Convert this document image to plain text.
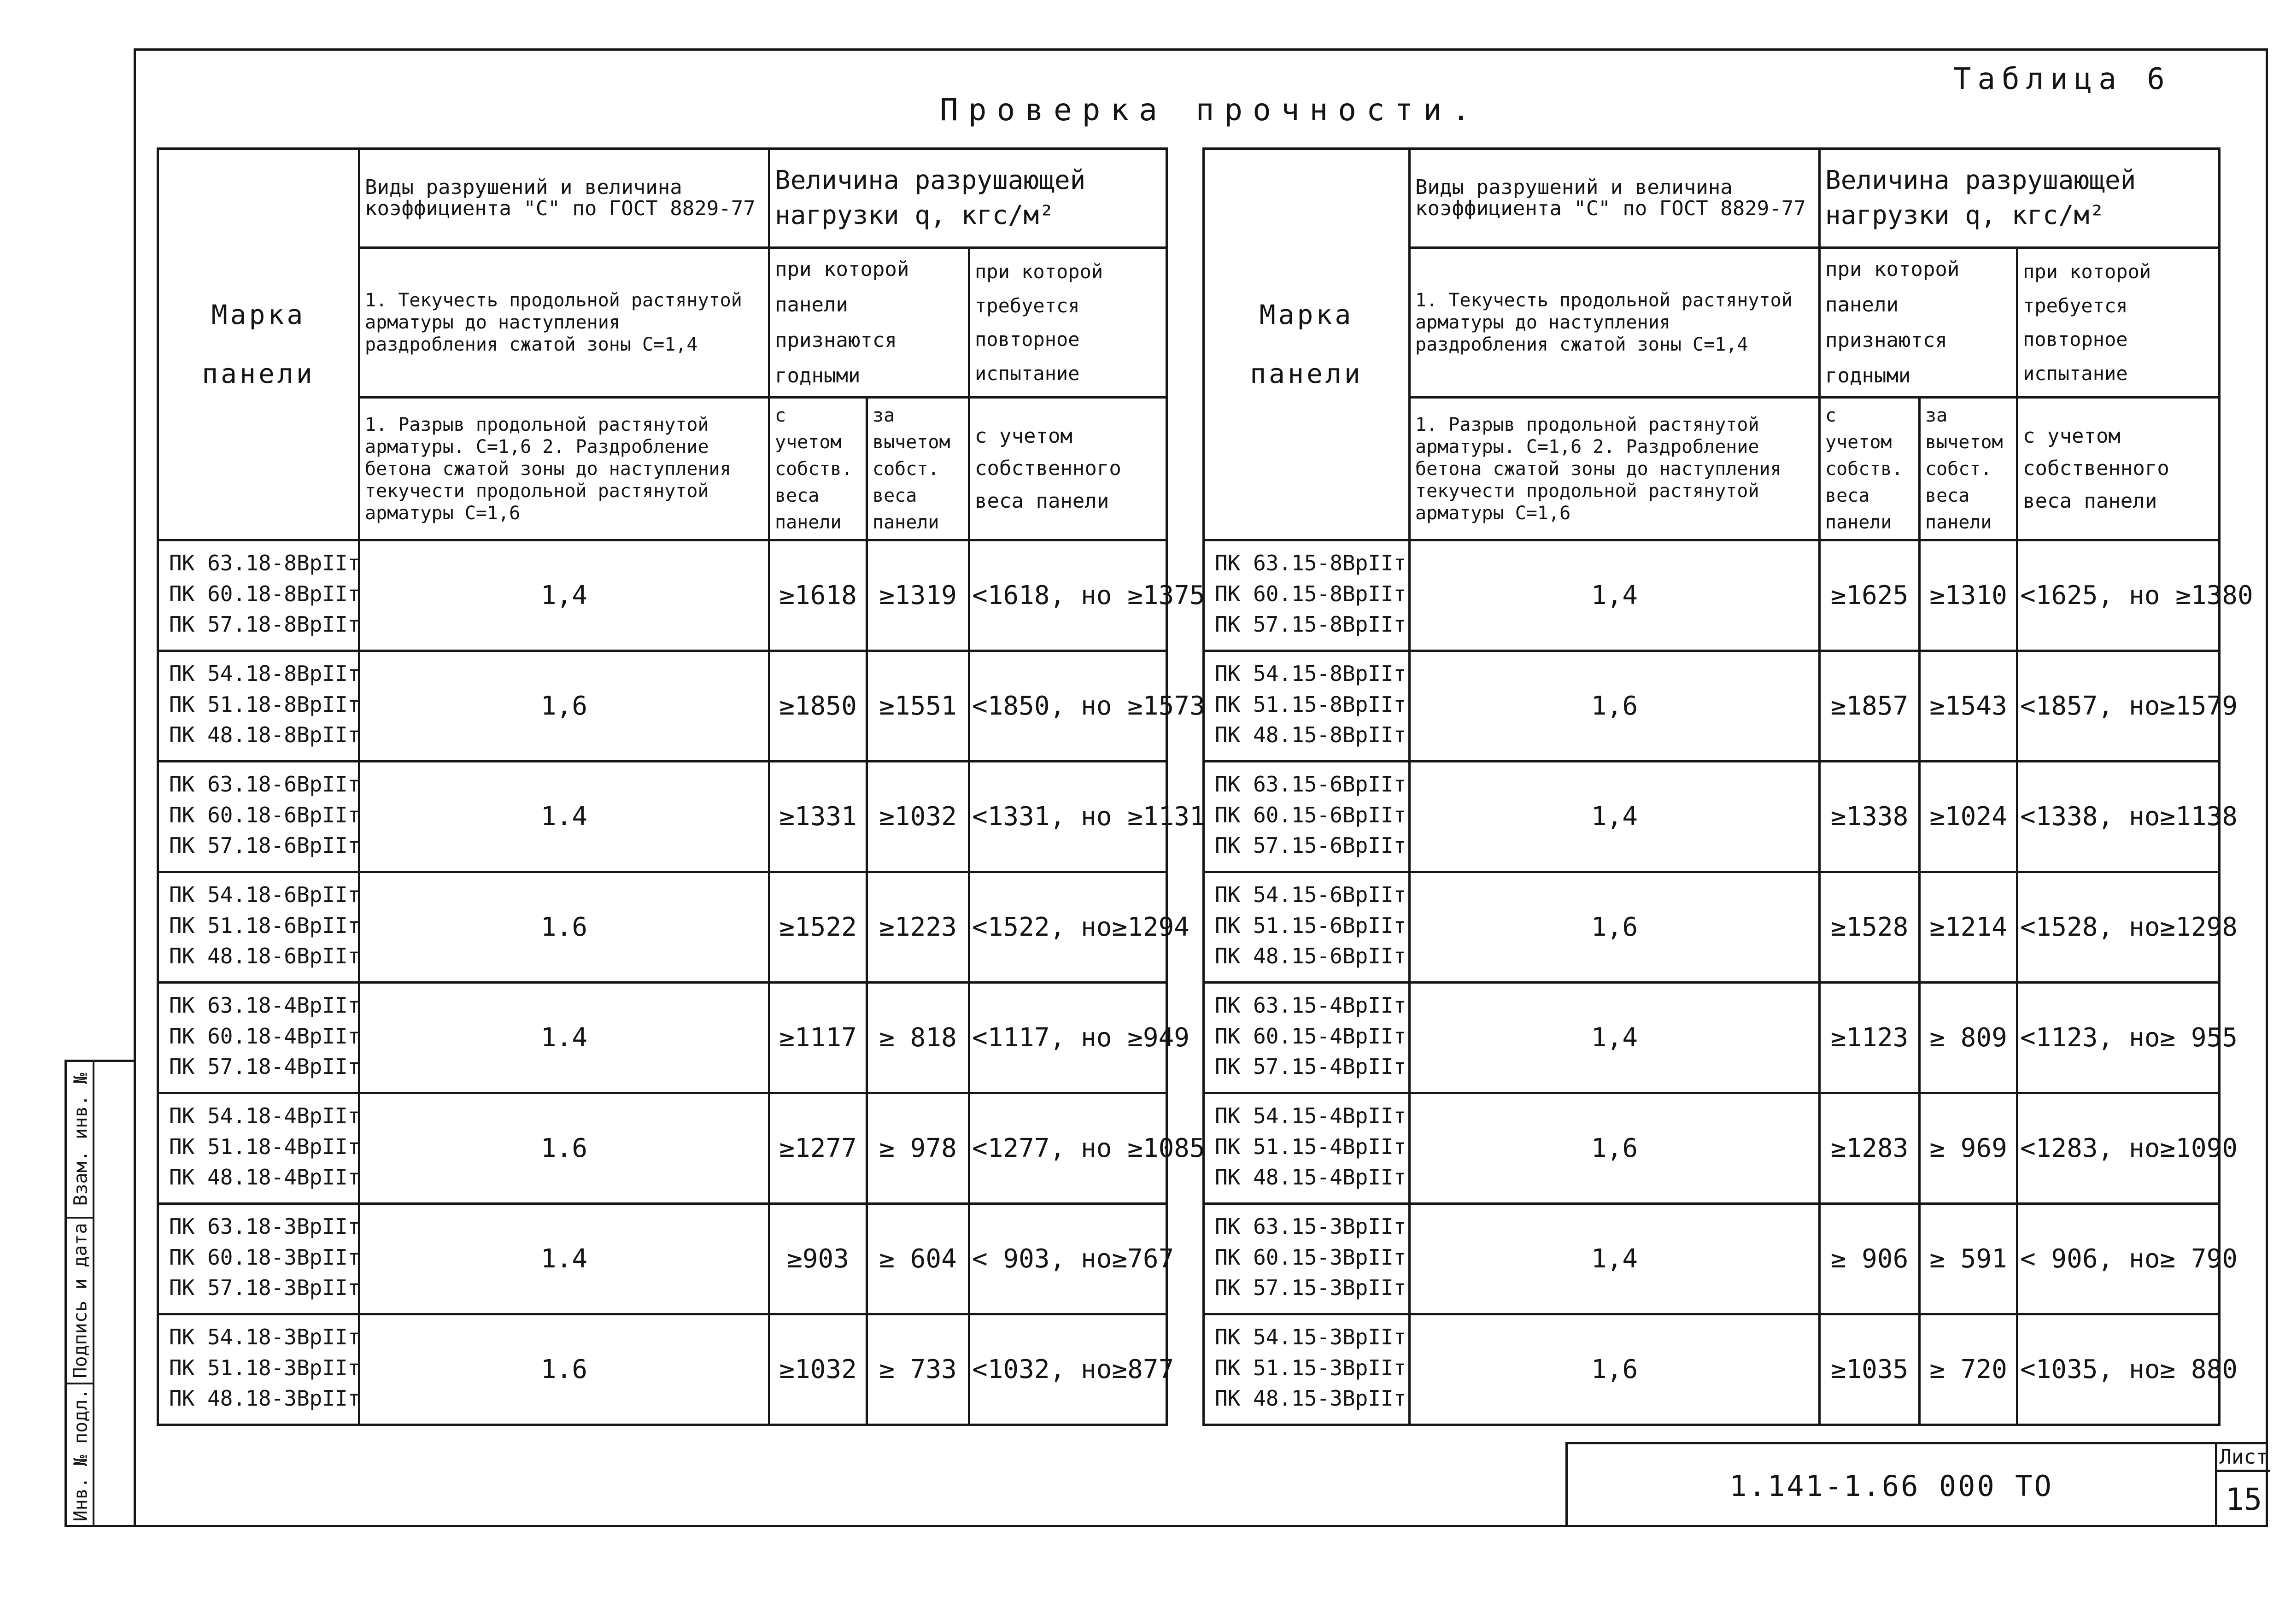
Взам. инв. №
Подпись и дата
Инв. № подл.
Таблица 6
Проверка прочности.
Марка
панели	Виды разрушений и величина коэффициента "С" по ГОСТ 8829-77	Величина разрушающей нагрузки q, кгс/м²		
	1. Текучесть продольной растянутой арматуры до наступления раздробления сжатой зоны С=1,4	при которой панели признаются годными		при которой требуется повторное испытание
	1. Разрыв продольной растянутой арматуры. С=1,6 2. Раздробление бетона сжатой зоны до наступления текучести продольной растянутой арматуры С=1,6	с учетом собств. веса панели	за вычетом собст. веса панели	с учетом собственного веса панели

ПК 63.18-8ВрIIт
ПК 60.18-8ВрIIт
ПК 57.18-8ВрIIт	1,4	≥1618	≥1319	<1618, но ≥1375

ПК 54.18-8ВрIIт
ПК 51.18-8ВрIIт
ПК 48.18-8ВрIIт	1,6	≥1850	≥1551	<1850, но ≥1573

ПК 63.18-6ВрIIт
ПК 60.18-6ВрIIт
ПК 57.18-6ВрIIт	1.4	≥1331	≥1032	<1331, но ≥1131

ПК 54.18-6ВрIIт
ПК 51.18-6ВрIIт
ПК 48.18-6ВрIIт	1.6	≥1522	≥1223	<1522, но≥1294

ПК 63.18-4ВрIIт
ПК 60.18-4ВрIIт
ПК 57.18-4ВрIIт	1.4	≥1117	≥ 818	<1117, но ≥949

ПК 54.18-4ВрIIт
ПК 51.18-4ВрIIт
ПК 48.18-4ВрIIт	1.6	≥1277	≥ 978	<1277, но ≥1085

ПК 63.18-3ВрIIт
ПК 60.18-3ВрIIт
ПК 57.18-3ВрIIт	1.4	≥903	≥ 604	< 903, но≥767

ПК 54.18-3ВрIIт
ПК 51.18-3ВрIIт
ПК 48.18-3ВрIIт	1.6	≥1032	≥ 733	<1032, но≥877
Марка
панели	Виды разрушений и величина коэффициента "С" по ГОСТ 8829-77	Величина разрушающей нагрузки q, кгс/м²		
	1. Текучесть продольной растянутой арматуры до наступления раздробления сжатой зоны С=1,4	при которой панели признаются годными		при которой требуется повторное испытание
	1. Разрыв продольной растянутой арматуры. С=1,6 2. Раздробление бетона сжатой зоны до наступления текучести продольной растянутой арматуры С=1,6	с учетом собств. веса панели	за вычетом собст. веса панели	с учетом собственного веса панели

ПК 63.15-8ВрIIт
ПК 60.15-8ВрIIт
ПК 57.15-8ВрIIт	1,4	≥1625	≥1310	<1625, но ≥1380

ПК 54.15-8ВрIIт
ПК 51.15-8ВрIIт
ПК 48.15-8ВрIIт	1,6	≥1857	≥1543	<1857, но≥1579

ПК 63.15-6ВрIIт
ПК 60.15-6ВрIIт
ПК 57.15-6ВрIIт	1,4	≥1338	≥1024	<1338, но≥1138

ПК 54.15-6ВрIIт
ПК 51.15-6ВрIIт
ПК 48.15-6ВрIIт	1,6	≥1528	≥1214	<1528, но≥1298

ПК 63.15-4ВрIIт
ПК 60.15-4ВрIIт
ПК 57.15-4ВрIIт	1,4	≥1123	≥ 809	<1123, но≥ 955

ПК 54.15-4ВрIIт
ПК 51.15-4ВрIIт
ПК 48.15-4ВрIIт	1,6	≥1283	≥ 969	<1283, но≥1090

ПК 63.15-3ВрIIт
ПК 60.15-3ВрIIт
ПК 57.15-3ВрIIт	1,4	≥ 906	≥ 591	< 906, но≥ 790

ПК 54.15-3ВрIIт
ПК 51.15-3ВрIIт
ПК 48.15-3ВрIIт	1,6	≥1035	≥ 720	<1035, но≥ 880
1.141-1.66 000 ТО
Лист
15
